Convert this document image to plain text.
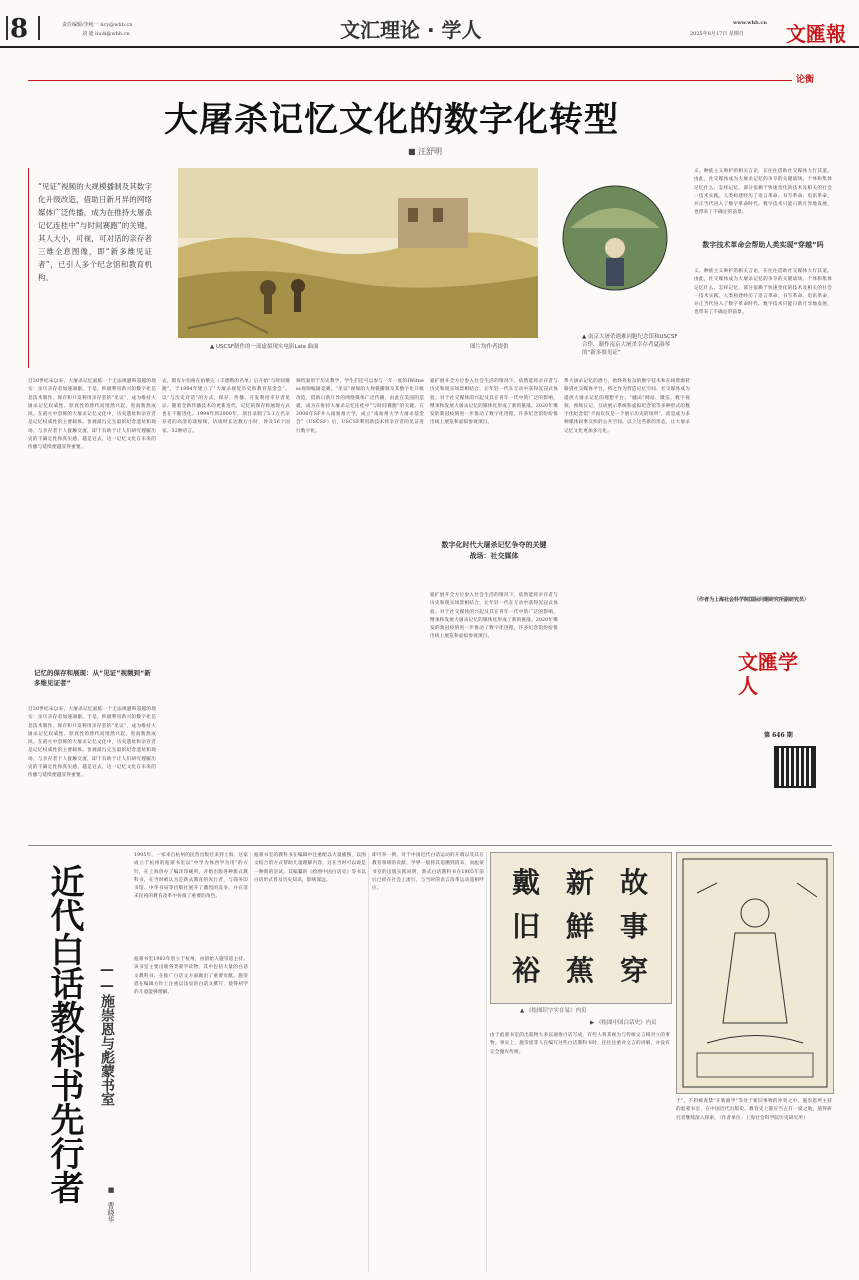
8	责任编辑/李纯一 licy@whb.cn
刘 迪 liudi@whb.cn	文汇理论 · 学人	www.whb.cn
2025年8月17日 星期日 文匯報
论衡
大屠杀记忆文化的数字化转型
■ 汪舒明
“见证”视频的大规模播制及其数字化升级改造，借助日新月异的网络媒体广泛传播，成为在推持大屠杀记忆连桂中“与时间赛跑”的关键。其人大小，可视，可对话的亲存者三维全息图像，即“新多维见证者”，已引人多个纪念馆和教育机构。
▲ USCSF制作的一部虚拟现实电影Lala 曲面	图片均作者提供
▲ 南京大屠杀遇难同胞纪念馆和USCSF合作，制作南京大屠杀幸存者夏淑琴的“新多维见证”
义、种族主义辩护的相关言论，在往往借助社交媒体大行其道。由此，社交媒体成为大屠杀记忆的争夺的关键战场。个体和集体记忆什么、怎样记忆，部分依赖于快速变化的技术及相关的社会一技术实践。人类构建经历了语言革命、书写革命、电讯革命，并正当代进入了数字革命时代。数字技术只能日新月异地发展，也带来了不确定的前景。
数字技术革命会帮助人类实现“穿越”吗
义、种族主义辩护的相关言论，在往往借助社交媒体大行其道。由此，社交媒体成为大屠杀记忆的争夺的关键战场。个体和集体记忆什么、怎样记忆，部分依赖于快速变化的技术及相关的社会一技术实践。人类构建经历了语言革命、书写革命、电讯革命，并正当代进入了数字革命时代。数字技术只能日新月异地发展，也带来了不确定的前景。
（作者为上海社会科学院国际问题研究所副研究员）
文匯学人
第 646 期
自20世纪末以来，大屠杀记忆面临一个无法规避和超越的现实：亲历亲存者加速凋谢。于是，积极利用新兴的数字化信息技术制作、保存和开发利用亲存者的“见证”，成为维持大屠杀记忆权威性、原真性的替代而悄然兴起，进而新然成风。在战火中恐怖的大屠杀记忆文化中，历史遗址和亲存者是记忆权威性的主要载体。参观最行完生最的纪念遗址和现场、与亲存者个人接触交流，即于有助于让人们研究理解历史的不确定性和真实感。越是过去，这一记忆文化在未来的传播与延续便越显得重要。
记忆的保存和展现：从“见证”视频到“新多维见证者”
自20世纪末以来，大屠杀记忆面临一个无法规避和超越的现实：亲历亲存者加速凋谢。于是，积极利用新兴的数字化信息技术制作、保存和开发利用亲存者的“见证”，成为维持大屠杀记忆权威性、原真性的替代而悄然兴起，进而新然成风。在战火中恐怖的大屠杀记忆文化中，历史遗址和亲存者是记忆权威性的主要载体。参观最行完生最的纪念遗址和现场、与亲存者个人接触交流，即于有助于让人们研究理解历史的不确定性和真实感。越是过去，这一记忆文化在未来的传播与延续便越显得重要。
去，斯皮尔伯格在拍摄完《辛德勒的名单》后开始“与时间赛跑”，于1994年建立了“大屠杀视觉历史和教育基金会”，以“与历史对话”的方式，保存、传播、开发利用幸存者见证。随着全新传播技术的更新迭代，记忆的保存和展现方式也在不断进化。1994年到2000年，项目录制了5.1万名亲存者的高清访谈视频，访谈时长达数万小时，涉及56个国家、32种语言。
频档案用于历史教学，学生们还可以参与一年一度的IWitness视频编辑竞赛。“见证”视频的大规模播制及其数字化升级改造，借助日新月异的网络媒体广泛传播，由此在美国的造就，成为在推持大屠杀记忆连桂中“与时间赛跑”的关键。在2006年SF并入南加州大学，成立“南加州大学大屠杀基金会”（USCSF）后，USCSF利用新技术将亲存者的见证进行数字化。
迪扩展开全方位参入社会生活的情况下，依然能将亲存者与历史和现实场景相结合，让年轻一代在互动中获得沉浸式体验。对于社交媒体的兴起及其在青年一代中的广泛的影响，继承和发展大屠杀记忆的媒体化形成了新的挑战。2020年爆发的新冠疫情进一步推动了数字化进程，许多纪念馆纷纷推出线上展览和虚拟参观项目。
数字化时代大屠杀记忆争夺的关键战场：社交媒体
迪扩展开全方位参入社会生活的情况下，依然能将亲存者与历史和现实场景相结合，让年轻一代在互动中获得沉浸式体验。对于社交媒体的兴起及其在青年一代中的广泛的影响，继承和发展大屠杀记忆的媒体化形成了新的挑战。2020年爆发的新冠疫情进一步推动了数字化进程，许多纪念馆纷纷推出线上展览和虚拟参观项目。
系大屠杀记忆的潜力，始终将复杂的数字技术和在线资源转移到社交媒体平台，将之作为营造记忆空间、社交媒体成为提供大屠杀记忆的理想平台。“疆田”网站、微信、数字视频、视频日记、互动展示系统和虚拟纪念馆等多种形式的数字化纪念馆“不再仅仅是一个展示历史的场所”，而是成为多种媒体叙事交织的公共空间。以上这些新的形态，让大屠杀记忆文化更加多元化。
近代白话教科书先行者 ——施崇恩与彪蒙书室
■ 曹晓华
1905年，一家来自杭州的民营出版社来到上海，这家成立于杭州的彪蒙书室以“中学为体西学为用”的方针，在上海创办了编译印刷所，开始出版各种新式教科书，在当时被认为是新式教育的先行者，与商务印书馆、中华书局等出版社展开了激烈的竞争，并在清末民初的教育改革中扮演了重要的角色。
彪蒙书室1903年创立于杭州，由创始人施崇恩主持。该书室主要出版各类蒙学读物，其中包括大量的白话文教科书，在推广白话文方面做出了重要贡献。施崇恩在编辑方针上注重以浅显的白话文撰写，使得初学的儿童能够理解。
彪蒙书室的教科书在编辑中注重配以大量插图，以图文结合的方式帮助儿童理解内容，这在当时可以说是一种新的尝试。其编纂的《绘图中国白话史》等书以白话形式普及历史知识，影响深远。
即可举一例，对于中国近代白话运动的开端以及其在教育领域的贡献，学界一般将其追溯到清末，而彪蒙书室的出版实践说明，新式白话教科书在1905年前后已经在社会上流行，与当时的语言改革运动遥相呼应。	戴 新 故
旧 鮮 事
裕 蕉 穿
▲ 《绘图识字实在易》内页
▶ 《绘图中国白话史》内页
由于彪蒙书室的出版物大多以通俗白话写成，有些人将其视为与传统文言相对立的事物。事实上，施崇恩等人在编写这些白话教科书时，往往注重对文言的讲解，并没有完全抛弃传统。
于”，不料被查禁“开新圆学”等处于新旧事物的冲突之中。施崇恩所主持的彪蒙书室，在中国近代出版史、教育史上都应当占有一席之地，值得研究者继续深入探索。（作者单位：上海社会科学院历史研究所）
